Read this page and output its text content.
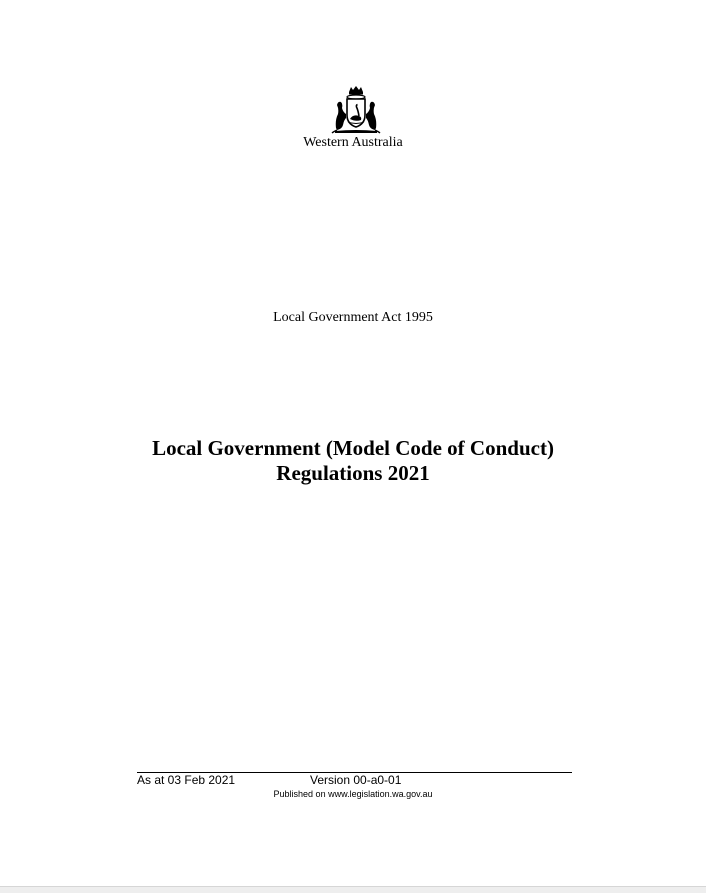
Western Australia
Local Government Act 1995
Local Government (Model Code of Conduct)
Regulations 2021
As at 03 Feb 2021	Version 00-a0-01
Published on www.legislation.wa.gov.au
